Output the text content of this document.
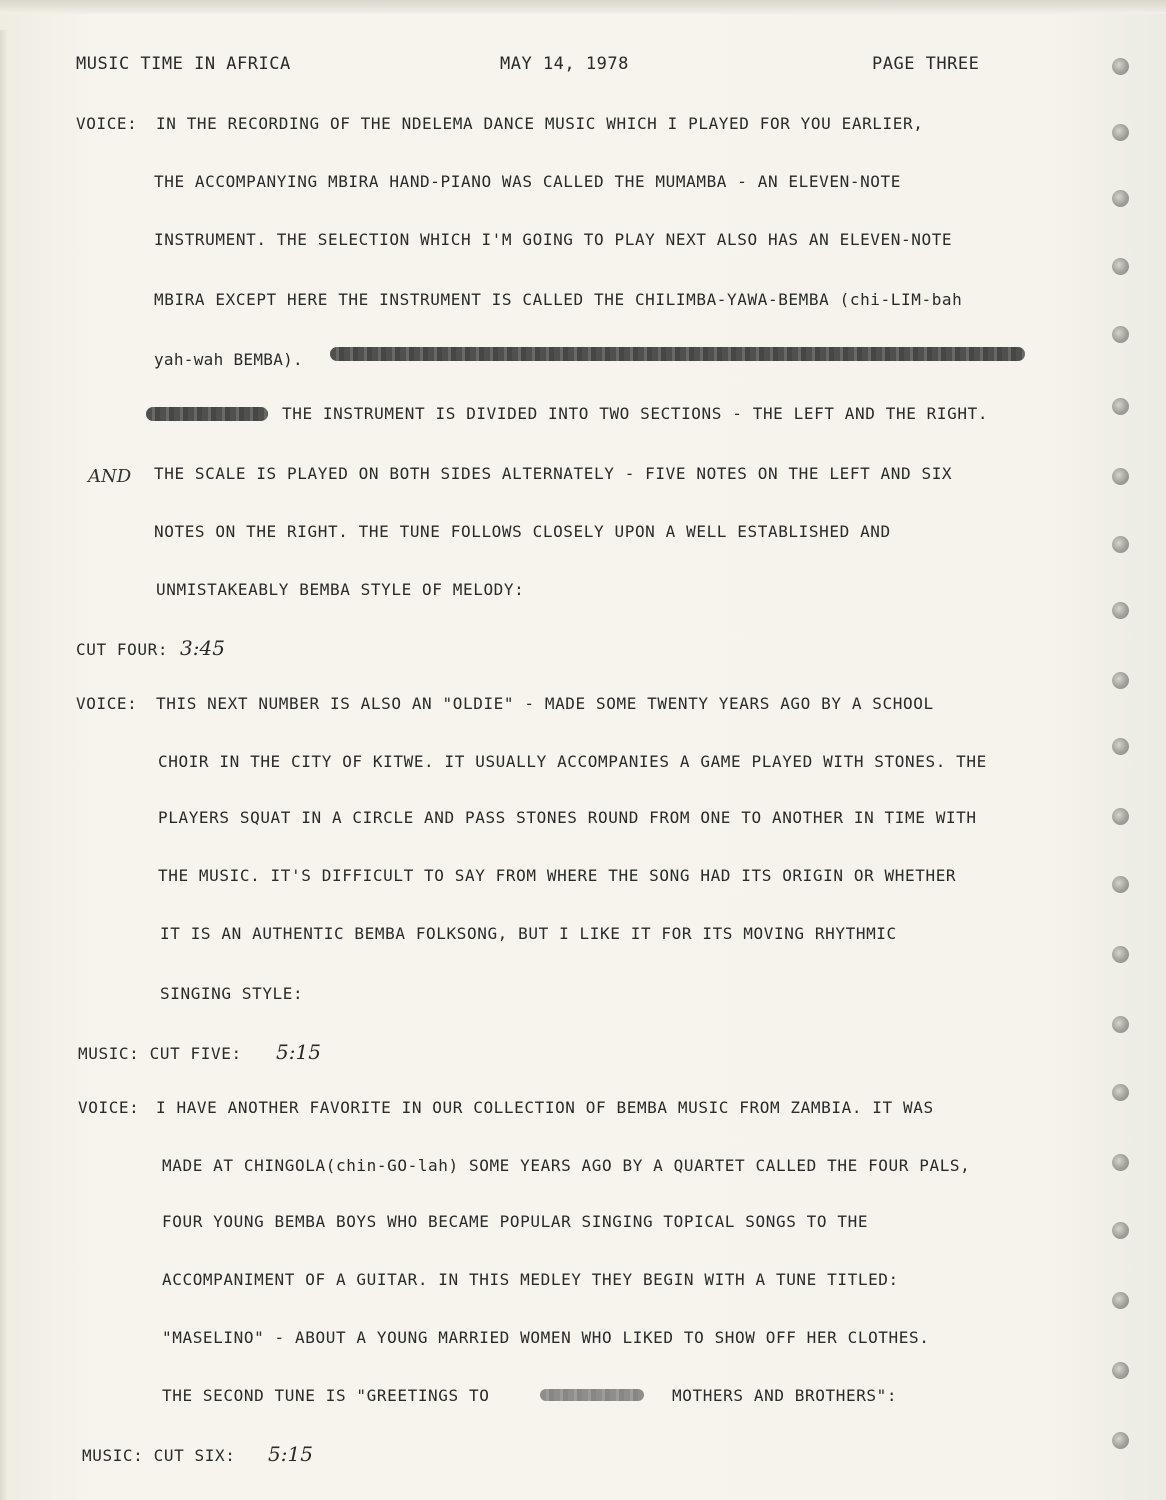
MUSIC TIME IN AFRICA	MAY 14, 1978	PAGE THREE
VOICE: IN THE RECORDING OF THE NDELEMA DANCE MUSIC WHICH I PLAYED FOR YOU EARLIER,
THE ACCOMPANYING MBIRA HAND-PIANO WAS CALLED THE MUMAMBA - AN ELEVEN-NOTE
INSTRUMENT. THE SELECTION WHICH I'M GOING TO PLAY NEXT ALSO HAS AN ELEVEN-NOTE
MBIRA EXCEPT HERE THE INSTRUMENT IS CALLED THE CHILIMBA-YAWA-BEMBA (chi-LIM-bah
yah-wah BEMBA).
THE INSTRUMENT IS DIVIDED INTO TWO SECTIONS - THE LEFT AND THE RIGHT.
AND THE SCALE IS PLAYED ON BOTH SIDES ALTERNATELY - FIVE NOTES ON THE LEFT AND SIX
NOTES ON THE RIGHT. THE TUNE FOLLOWS CLOSELY UPON A WELL ESTABLISHED AND
UNMISTAKEABLY BEMBA STYLE OF MELODY:
CUT FOUR: 3:45
VOICE: THIS NEXT NUMBER IS ALSO AN "OLDIE" - MADE SOME TWENTY YEARS AGO BY A SCHOOL
CHOIR IN THE CITY OF KITWE. IT USUALLY ACCOMPANIES A GAME PLAYED WITH STONES. THE
PLAYERS SQUAT IN A CIRCLE AND PASS STONES ROUND FROM ONE TO ANOTHER IN TIME WITH
THE MUSIC. IT'S DIFFICULT TO SAY FROM WHERE THE SONG HAD ITS ORIGIN OR WHETHER
IT IS AN AUTHENTIC BEMBA FOLKSONG, BUT I LIKE IT FOR ITS MOVING RHYTHMIC
SINGING STYLE:
MUSIC: CUT FIVE: 5:15
VOICE: I HAVE ANOTHER FAVORITE IN OUR COLLECTION OF BEMBA MUSIC FROM ZAMBIA. IT WAS
MADE AT CHINGOLA(chin-GO-lah) SOME YEARS AGO BY A QUARTET CALLED THE FOUR PALS,
FOUR YOUNG BEMBA BOYS WHO BECAME POPULAR SINGING TOPICAL SONGS TO THE
ACCOMPANIMENT OF A GUITAR. IN THIS MEDLEY THEY BEGIN WITH A TUNE TITLED:
"MASELINO" - ABOUT A YOUNG MARRIED WOMEN WHO LIKED TO SHOW OFF HER CLOTHES.
THE SECOND TUNE IS "GREETINGS TO	MOTHERS AND BROTHERS":
MUSIC: CUT SIX: 5:15
